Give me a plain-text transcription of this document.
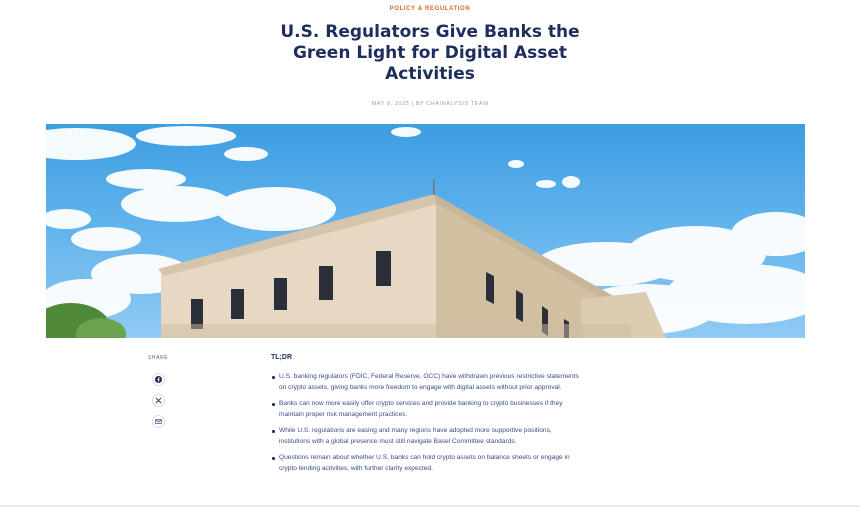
POLICY & REGULATION
U.S. Regulators Give Banks the Green Light for Digital Asset Activities
MAY 8, 2025 | BY CHAINALYSIS TEAM
SHARE	TL;DR
U.S. banking regulators (FDIC, Federal Reserve, OCC) have withdrawn previous restrictive statements on crypto assets, giving banks more freedom to engage with digital assets without prior approval.
Banks can now more easily offer crypto services and provide banking to crypto businesses if they maintain proper risk management practices.
While U.S. regulations are easing and many regions have adopted more supportive positions, institutions with a global presence must still navigate Basel Committee standards.
Questions remain about whether U.S. banks can hold crypto assets on balance sheets or engage in crypto lending activities, with further clarity expected.
